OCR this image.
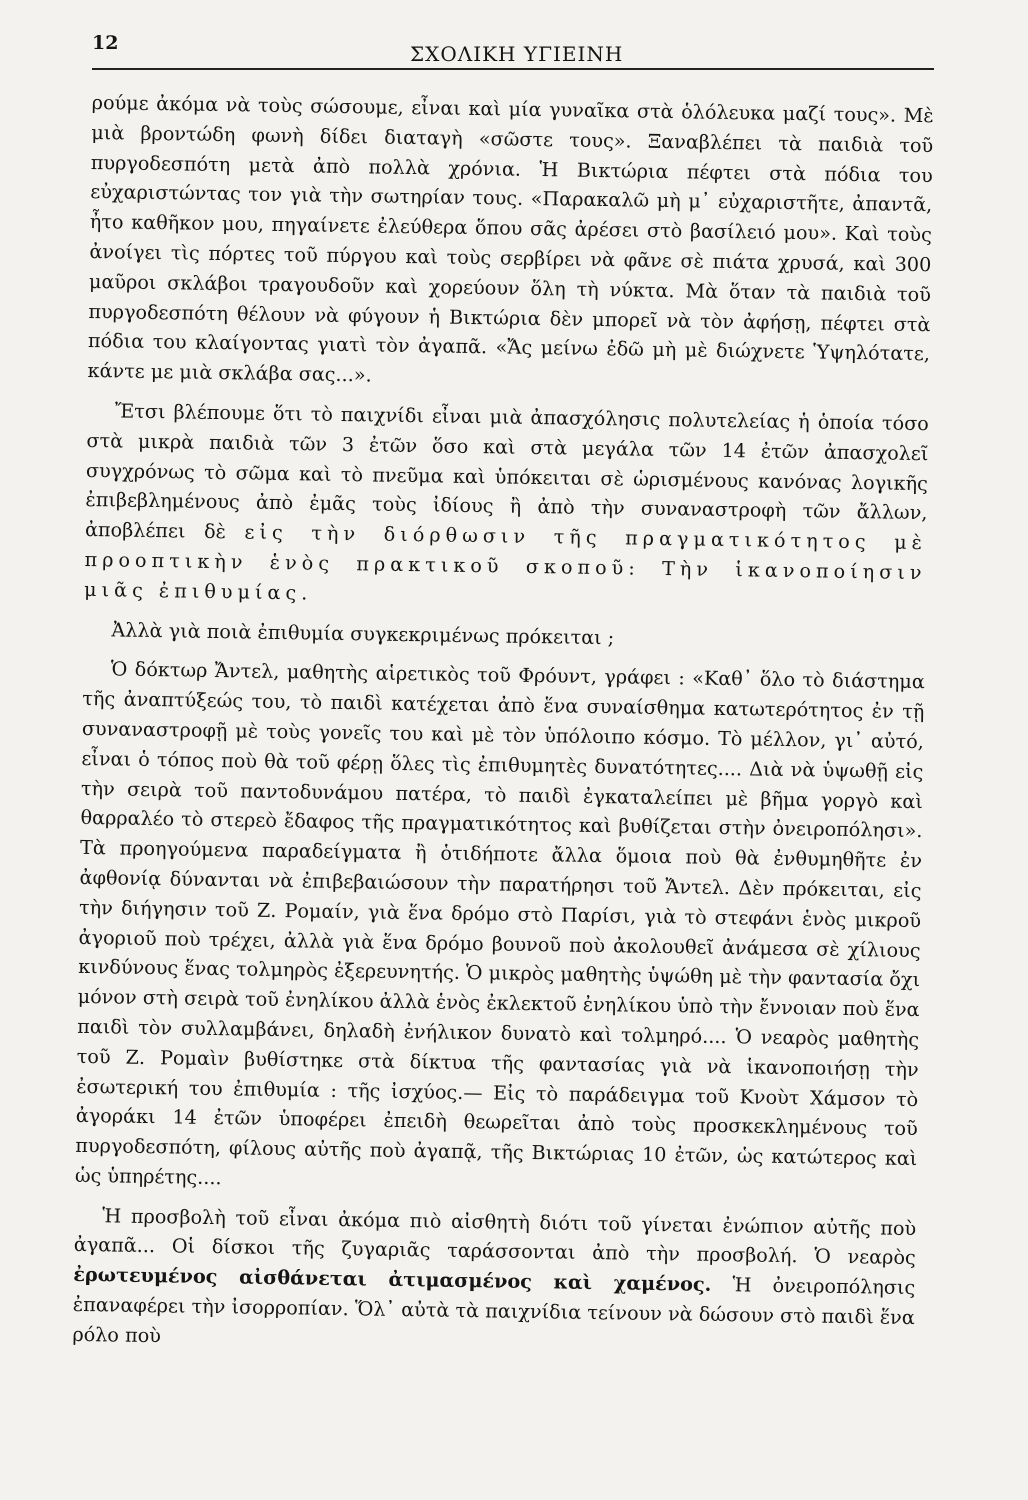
12	ΣΧΟΛΙΚΗ ΥΓΙΕΙΝΗ

ρούμε ἀκόμα νὰ τοὺς σώσουμε, εἶναι καὶ μία γυναῖκα στὰ ὁλόλευκα μαζί τους». Μὲ μιὰ βροντώδη φωνὴ δίδει διαταγὴ «σῶστε τους». Ξαναβλέπει τὰ παιδιὰ τοῦ πυργοδεσπότη μετὰ ἀπὸ πολλὰ χρόνια. Ἡ Βικτώρια πέφτει στὰ πόδια του εὐχαριστώντας τον γιὰ τὴν σωτηρίαν τους. «Παρακαλῶ μὴ μ᾽ εὐχαριστῆτε, ἀπαντᾶ, ἦτο καθῆκον μου, πηγαίνετε ἐλεύθερα ὅπου σᾶς ἀρέσει στὸ βασίλειό μου». Καὶ τοὺς ἀνοίγει τὶς πόρτες τοῦ πύργου καὶ τοὺς σερβίρει νὰ φᾶνε σὲ πιάτα χρυσά, καὶ 300 μαῦροι σκλάβοι τραγουδοῦν καὶ χορεύουν ὅλη τὴ νύκτα. Μὰ ὅταν τὰ παιδιὰ τοῦ πυργοδεσπότη θέλουν νὰ φύγουν ἡ Βικτώρια δὲν μπορεῖ νὰ τὸν ἀφήσῃ, πέφτει στὰ πόδια του κλαίγοντας γιατὶ τὸν ἀγαπᾶ. «Ἄς μείνω ἐδῶ μὴ μὲ διώχνετε Ὑψηλότατε, κάντε με μιὰ σκλάβα σας...».

Ἔτσι βλέπουμε ὅτι τὸ παιχνίδι εἶναι μιὰ ἀπασχόλησις πολυτελείας ἡ ὁποία τόσο στὰ μικρὰ παιδιὰ τῶν 3 ἐτῶν ὅσο καὶ στὰ μεγάλα τῶν 14 ἐτῶν ἀπασχολεῖ συγχρόνως τὸ σῶμα καὶ τὸ πνεῦμα καὶ ὑπόκειται σὲ ὡρισμένους κανόνας λογικῆς ἐπιβεβλημένους ἀπὸ ἐμᾶς τοὺς ἰδίους ἢ ἀπὸ τὴν συναναστροφὴ τῶν ἄλλων, ἀποβλέπει δὲ εἰς τὴν διόρθωσιν τῆς πραγματικότητος μὲ προοπτικὴν ἑνὸς πρακτικοῦ σκοποῦ: Τὴν ἱκανοποίησιν μιᾶς ἐπιθυμίας.

Ἀλλὰ γιὰ ποιὰ ἐπιθυμία συγκεκριμένως πρόκειται ;

Ὁ δόκτωρ Ἄντελ, μαθητὴς αἱρετικὸς τοῦ Φρόυντ, γράφει : «Καθ᾽ ὅλο τὸ διάστημα τῆς ἀναπτύξεώς του, τὸ παιδὶ κατέχεται ἀπὸ ἕνα συναίσθημα κατωτερότητος ἐν τῇ συναναστροφῇ μὲ τοὺς γονεῖς του καὶ μὲ τὸν ὑπόλοιπο κόσμο. Τὸ μέλλον, γι᾽ αὐτό, εἶναι ὁ τόπος ποὺ θὰ τοῦ φέρῃ ὅλες τὶς ἐπιθυμητὲς δυνατότητες.... Διὰ νὰ ὑψωθῇ εἰς τὴν σειρὰ τοῦ παντοδυνάμου πατέρα, τὸ παιδὶ ἐγκαταλείπει μὲ βῆμα γοργὸ καὶ θαρραλέο τὸ στερεὸ ἔδαφος τῆς πραγματικότητος καὶ βυθίζεται στὴν ὀνειροπόλησι». Τὰ προηγούμενα παραδείγματα ἢ ὁτιδήποτε ἄλλα ὅμοια ποὺ θὰ ἐνθυμηθῆτε ἐν ἀφθονίᾳ δύνανται νὰ ἐπιβεβαιώσουν τὴν παρατήρησι τοῦ Ἄντελ. Δὲν πρόκειται, εἰς τὴν διήγησιν τοῦ Ζ. Ρομαίν, γιὰ ἕνα δρόμο στὸ Παρίσι, γιὰ τὸ στεφάνι ἑνὸς μικροῦ ἀγοριοῦ ποὺ τρέχει, ἀλλὰ γιὰ ἕνα δρόμο βουνοῦ ποὺ ἀκολουθεῖ ἀνάμεσα σὲ χίλιους κινδύνους ἕνας τολμηρὸς ἐξερευνητής. Ὁ μικρὸς μαθητὴς ὑψώθη μὲ τὴν φαντασία ὄχι μόνον στὴ σειρὰ τοῦ ἐνηλίκου ἀλλὰ ἑνὸς ἐκλεκτοῦ ἐνηλίκου ὑπὸ τὴν ἔννοιαν ποὺ ἕνα παιδὶ τὸν συλλαμβάνει, δηλαδὴ ἐνήλικον δυνατὸ καὶ τολμηρό.... Ὁ νεαρὸς μαθητὴς τοῦ Ζ. Ρομαὶν βυθίστηκε στὰ δίκτυα τῆς φαντασίας γιὰ νὰ ἱκανοποιήσῃ τὴν ἐσωτερική του ἐπιθυμία : τῆς ἰσχύος.— Εἰς τὸ παράδειγμα τοῦ Κνοὺτ Χάμσον τὸ ἀγοράκι 14 ἐτῶν ὑποφέρει ἐπειδὴ θεωρεῖται ἀπὸ τοὺς προσκεκλημένους τοῦ πυργοδεσπότη, φίλους αὐτῆς ποὺ ἀγαπᾷ, τῆς Βικτώριας 10 ἐτῶν, ὡς κατώτερος καὶ ὡς ὑπηρέτης....

Ἡ προσβολὴ τοῦ εἶναι ἀκόμα πιὸ αἰσθητὴ διότι τοῦ γίνεται ἐνώπιον αὐτῆς ποὺ ἀγαπᾶ... Οἱ δίσκοι τῆς ζυγαριᾶς ταράσσονται ἀπὸ τὴν προσβολή. Ὁ νεαρὸς ἐρωτευμένος αἰσθάνεται ἀτιμασμένος καὶ χαμένος. Ἡ ὀνειροπόλησις ἐπαναφέρει τὴν ἰσορροπίαν. Ὅλ᾽ αὐτὰ τὰ παιχνίδια τείνουν νὰ δώσουν στὸ παιδὶ ἕνα ρόλο ποὺ
